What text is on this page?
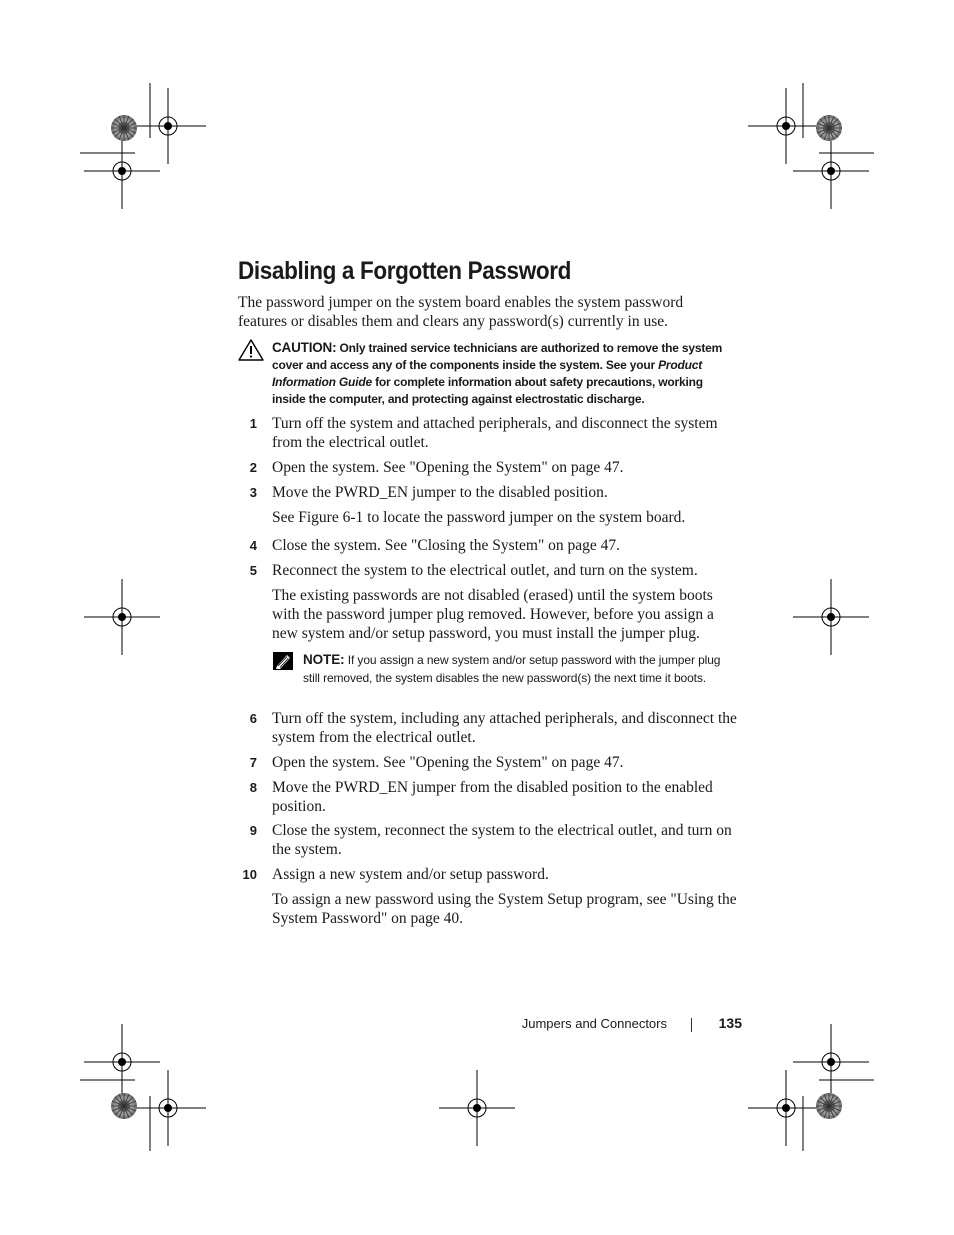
Disabling a Forgotten Password
The password jumper on the system board enables the system password features or disables them and clears any password(s) currently in use.
CAUTION: Only trained service technicians are authorized to remove the system cover and access any of the components inside the system. See your Product Information Guide for complete information about safety precautions, working inside the computer, and protecting against electrostatic discharge.
1 Turn off the system and attached peripherals, and disconnect the system from the electrical outlet.
2 Open the system. See "Opening the System" on page 47.
3 Move the PWRD_EN jumper to the disabled position.
See Figure 6-1 to locate the password jumper on the system board.
4 Close the system. See "Closing the System" on page 47.
5 Reconnect the system to the electrical outlet, and turn on the system.
The existing passwords are not disabled (erased) until the system boots with the password jumper plug removed. However, before you assign a new system and/or setup password, you must install the jumper plug.
NOTE: If you assign a new system and/or setup password with the jumper plug still removed, the system disables the new password(s) the next time it boots.
6 Turn off the system, including any attached peripherals, and disconnect the system from the electrical outlet.
7 Open the system. See "Opening the System" on page 47.
8 Move the PWRD_EN jumper from the disabled position to the enabled position.
9 Close the system, reconnect the system to the electrical outlet, and turn on the system.
10 Assign a new system and/or setup password.
To assign a new password using the System Setup program, see "Using the System Password" on page 40.
Jumpers and Connectors	135
